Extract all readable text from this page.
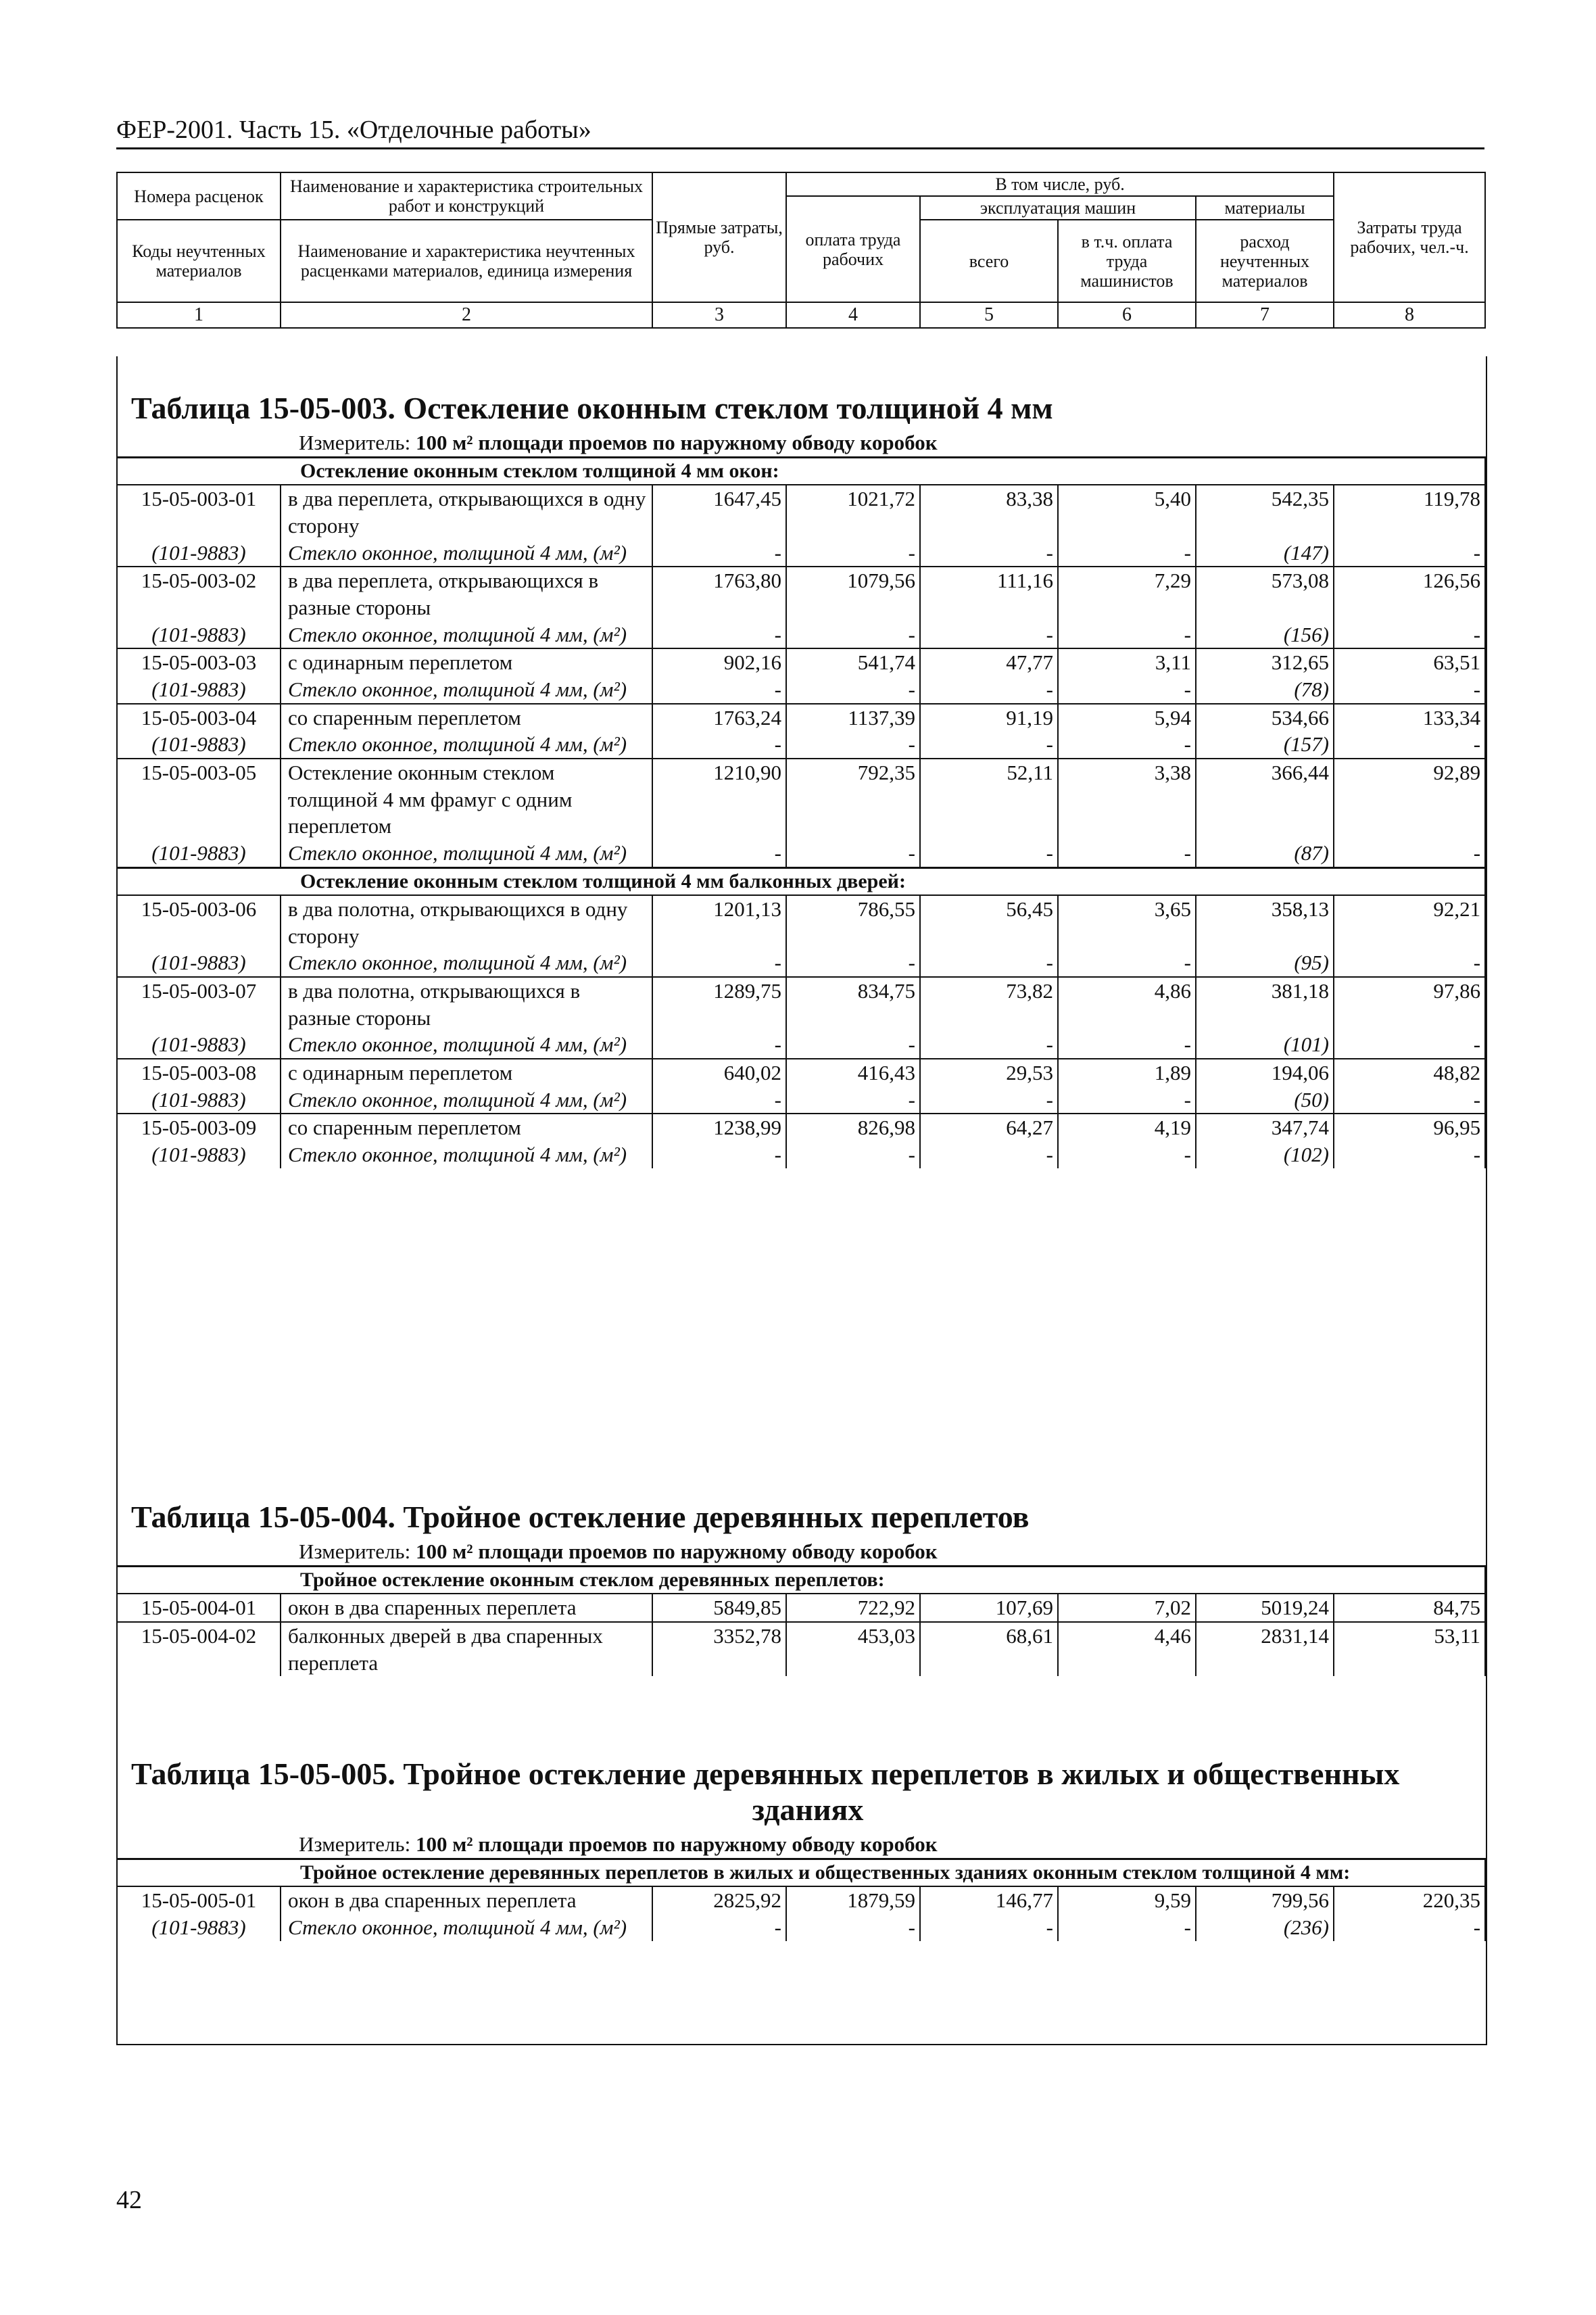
ФЕР-2001. Часть 15. «Отделочные работы»
Номера расценок	Наименование и характеристика строительных работ и конструкций	Прямые затраты, руб.	В том числе, руб.				Затраты труда рабочих, чел.-ч.
			оплата труда рабочих	эксплуатация машин		материалы	
Коды неучтенных материалов	Наименование и характеристика неучтенных расценками материалов, единица измерения			всего	в т.ч. оплата труда машинистов	расход неучтенных материалов	

1	2	3	4	5	6	7	8
Таблица 15-05-003. Остекление оконным стеклом толщиной 4 мм
Измеритель: 100 м² площади проемов по наружному обводу коробок
Остекление оконным стеклом толщиной 4 мм окон:							
15-05-003-01	в два переплета, открывающихся в одну сторону	1647,45	1021,72	83,38	5,40	542,35	119,78
(101-9883)	Стекло оконное, толщиной 4 мм, (м²)	-	-	-	-	(147)	-
15-05-003-02	в два переплета, открывающихся в разные стороны	1763,80	1079,56	111,16	7,29	573,08	126,56
(101-9883)	Стекло оконное, толщиной 4 мм, (м²)	-	-	-	-	(156)	-
15-05-003-03	с одинарным переплетом	902,16	541,74	47,77	3,11	312,65	63,51
(101-9883)	Стекло оконное, толщиной 4 мм, (м²)	-	-	-	-	(78)	-
15-05-003-04	со спаренным переплетом	1763,24	1137,39	91,19	5,94	534,66	133,34
(101-9883)	Стекло оконное, толщиной 4 мм, (м²)	-	-	-	-	(157)	-
15-05-003-05	Остекление оконным стеклом толщиной 4 мм фрамуг с одним переплетом	1210,90	792,35	52,11	3,38	366,44	92,89
(101-9883)	Стекло оконное, толщиной 4 мм, (м²)	-	-	-	-	(87)	-
Остекление оконным стеклом толщиной 4 мм балконных дверей:							
15-05-003-06	в два полотна, открывающихся в одну сторону	1201,13	786,55	56,45	3,65	358,13	92,21
(101-9883)	Стекло оконное, толщиной 4 мм, (м²)	-	-	-	-	(95)	-
15-05-003-07	в два полотна, открывающихся в разные стороны	1289,75	834,75	73,82	4,86	381,18	97,86
(101-9883)	Стекло оконное, толщиной 4 мм, (м²)	-	-	-	-	(101)	-
15-05-003-08	с одинарным переплетом	640,02	416,43	29,53	1,89	194,06	48,82
(101-9883)	Стекло оконное, толщиной 4 мм, (м²)	-	-	-	-	(50)	-
15-05-003-09	со спаренным переплетом	1238,99	826,98	64,27	4,19	347,74	96,95
(101-9883)	Стекло оконное, толщиной 4 мм, (м²)	-	-	-	-	(102)	-
Таблица 15-05-004. Тройное остекление деревянных переплетов
Измеритель: 100 м² площади проемов по наружному обводу коробок
Тройное остекление оконным стеклом деревянных переплетов:							
15-05-004-01	окон в два спаренных переплета	5849,85	722,92	107,69	7,02	5019,24	84,75
15-05-004-02	балконных дверей в два спаренных переплета	3352,78	453,03	68,61	4,46	2831,14	53,11
Таблица 15-05-005. Тройное остекление деревянных переплетов в жилых и общественных
зданиях
Измеритель: 100 м² площади проемов по наружному обводу коробок
Тройное остекление деревянных переплетов в жилых и общественных зданиях оконным стеклом толщиной 4 мм:							
15-05-005-01	окон в два спаренных переплета	2825,92	1879,59	146,77	9,59	799,56	220,35
(101-9883)	Стекло оконное, толщиной 4 мм, (м²)	-	-	-	-	(236)	-
42
